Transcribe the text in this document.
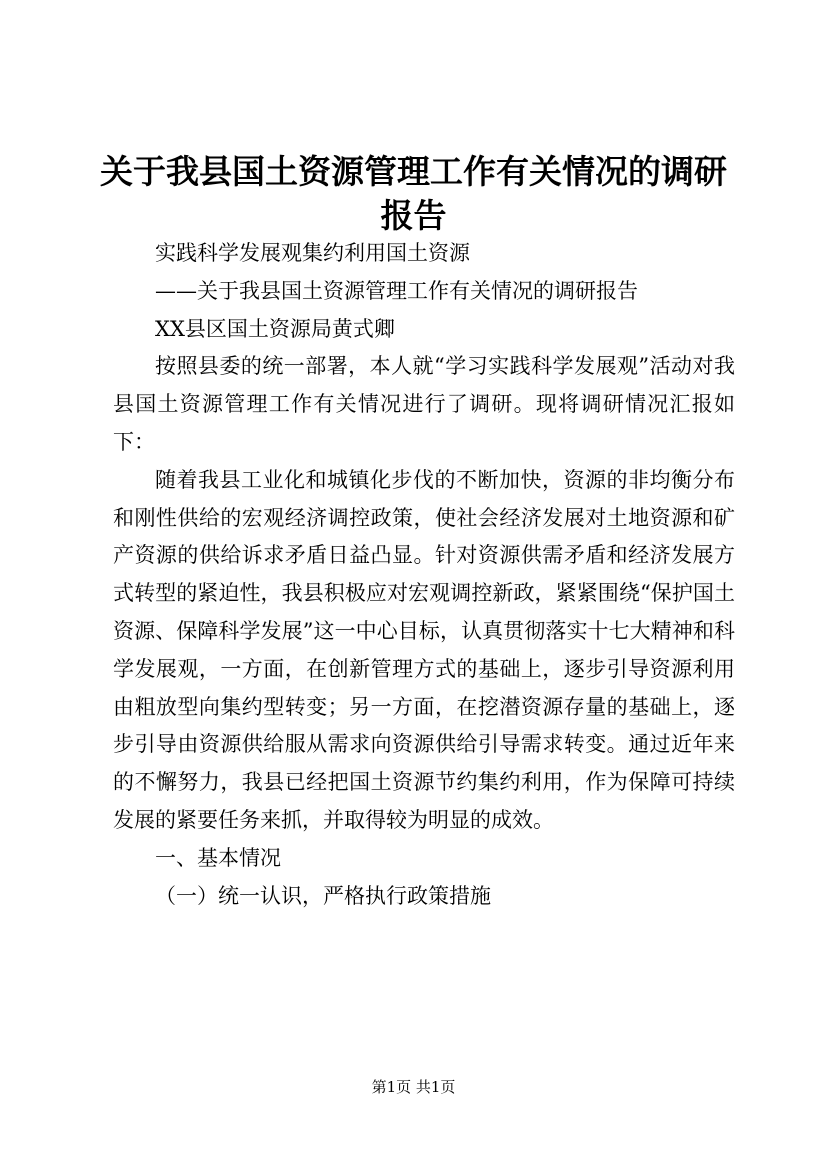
关于我县国土资源管理工作有关情况的调研报告

实践科学发展观集约利用国土资源

——关于我县国土资源管理工作有关情况的调研报告

XX县区国土资源局黄式卿

按照县委的统一部署，本人就“学习实践科学发展观”活动对我县国土资源管理工作有关情况进行了调研。现将调研情况汇报如下：

随着我县工业化和城镇化步伐的不断加快，资源的非均衡分布和刚性供给的宏观经济调控政策，使社会经济发展对土地资源和矿产资源的供给诉求矛盾日益凸显。针对资源供需矛盾和经济发展方式转型的紧迫性，我县积极应对宏观调控新政，紧紧围绕“保护国土资源、保障科学发展”这一中心目标，认真贯彻落实十七大精神和科学发展观，一方面，在创新管理方式的基础上，逐步引导资源利用由粗放型向集约型转变；另一方面，在挖潜资源存量的基础上，逐步引导由资源供给服从需求向资源供给引导需求转变。通过近年来的不懈努力，我县已经把国土资源节约集约利用，作为保障可持续发展的紧要任务来抓，并取得较为明显的成效。

一、基本情况

（一）统一认识，严格执行政策措施

第1页 共1页
